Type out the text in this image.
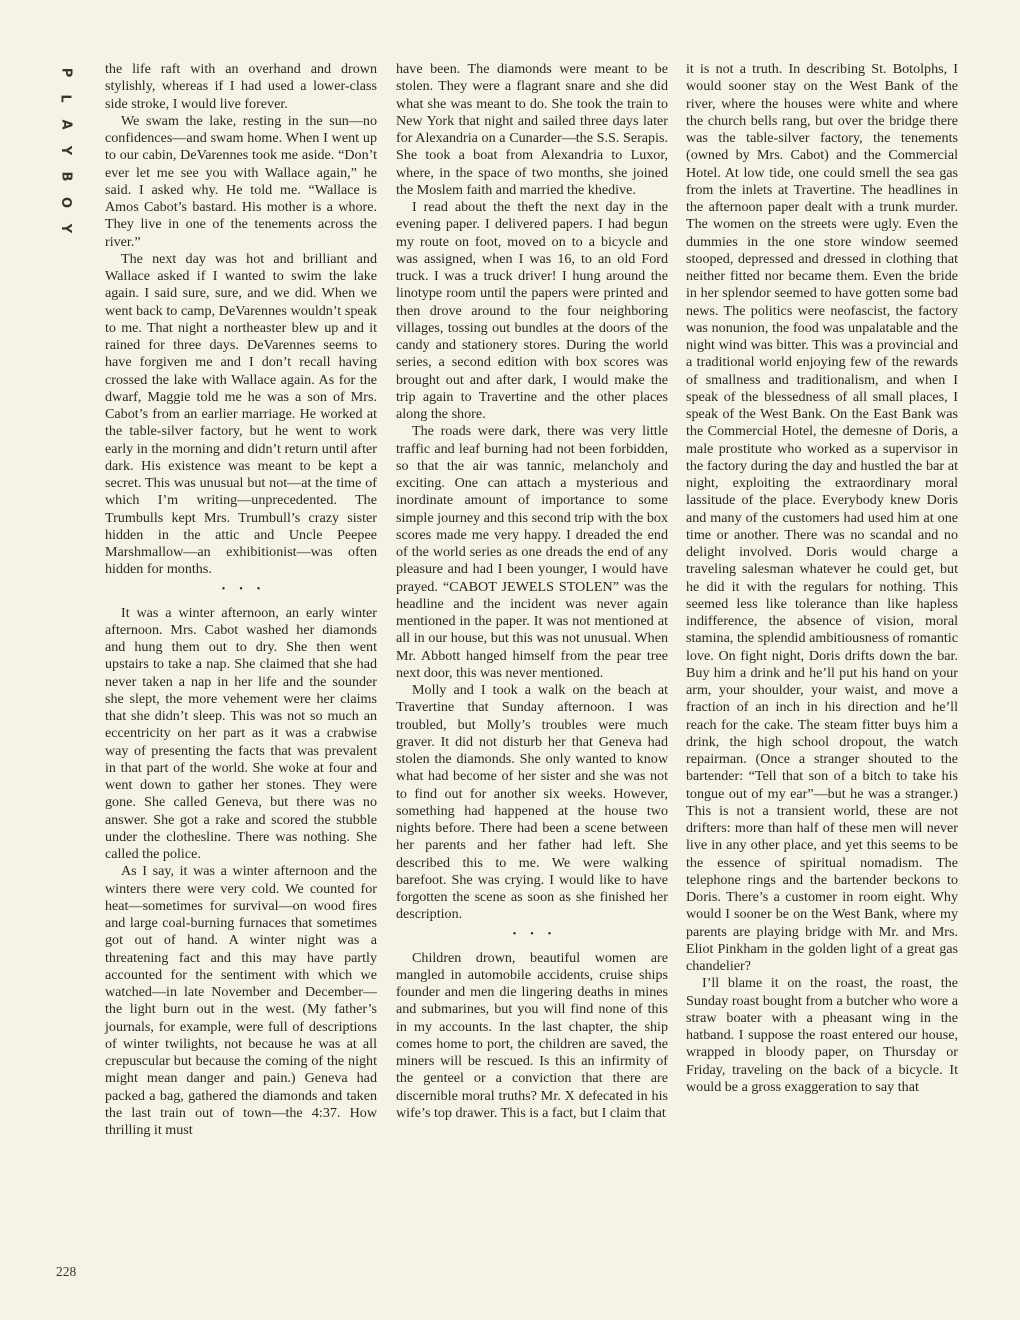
P
L
A
Y
B
O
Y

the life raft with an overhand and drown stylishly, whereas if I had used a lower-class side stroke, I would live forever.

We swam the lake, resting in the sun—no confidences—and swam home. When I went up to our cabin, DeVarennes took me aside. “Don’t ever let me see you with Wallace again,” he said. I asked why. He told me. “Wallace is Amos Cabot’s bastard. His mother is a whore. They live in one of the tenements across the river.”

The next day was hot and brilliant and Wallace asked if I wanted to swim the lake again. I said sure, sure, and we did. When we went back to camp, DeVarennes wouldn’t speak to me. That night a northeaster blew up and it rained for three days. DeVarennes seems to have forgiven me and I don’t recall having crossed the lake with Wallace again. As for the dwarf, Maggie told me he was a son of Mrs. Cabot’s from an earlier marriage. He worked at the table-silver factory, but he went to work early in the morning and didn’t return until after dark. His existence was meant to be kept a secret. This was unusual but not—at the time of which I’m writing—unprecedented. The Trumbulls kept Mrs. Trumbull’s crazy sister hidden in the attic and Uncle Peepee Marshmallow—an exhibitionist—was often hidden for months.

•••

It was a winter afternoon, an early winter afternoon. Mrs. Cabot washed her diamonds and hung them out to dry. She then went upstairs to take a nap. She claimed that she had never taken a nap in her life and the sounder she slept, the more vehement were her claims that she didn’t sleep. This was not so much an eccentricity on her part as it was a crabwise way of presenting the facts that was prevalent in that part of the world. She woke at four and went down to gather her stones. They were gone. She called Geneva, but there was no answer. She got a rake and scored the stubble under the clothesline. There was nothing. She called the police.

As I say, it was a winter afternoon and the winters there were very cold. We counted for heat—sometimes for survival—on wood fires and large coal-burning furnaces that sometimes got out of hand. A winter night was a threatening fact and this may have partly accounted for the sentiment with which we watched—in late November and December—the light burn out in the west. (My father’s journals, for example, were full of descriptions of winter twilights, not because he was at all crepuscular but because the coming of the night might mean danger and pain.) Geneva had packed a bag, gathered the diamonds and taken the last train out of town—the 4:37. How thrilling it must

have been. The diamonds were meant to be stolen. They were a flagrant snare and she did what she was meant to do. She took the train to New York that night and sailed three days later for Alexandria on a Cunarder—the S.S. Serapis. She took a boat from Alexandria to Luxor, where, in the space of two months, she joined the Moslem faith and married the khedive.

I read about the theft the next day in the evening paper. I delivered papers. I had begun my route on foot, moved on to a bicycle and was assigned, when I was 16, to an old Ford truck. I was a truck driver! I hung around the linotype room until the papers were printed and then drove around to the four neighboring villages, tossing out bundles at the doors of the candy and stationery stores. During the world series, a second edition with box scores was brought out and after dark, I would make the trip again to Travertine and the other places along the shore.

The roads were dark, there was very little traffic and leaf burning had not been forbidden, so that the air was tannic, melancholy and exciting. One can attach a mysterious and inordinate amount of importance to some simple journey and this second trip with the box scores made me very happy. I dreaded the end of the world series as one dreads the end of any pleasure and had I been younger, I would have prayed. “CABOT JEWELS STOLEN” was the headline and the incident was never again mentioned in the paper. It was not mentioned at all in our house, but this was not unusual. When Mr. Abbott hanged himself from the pear tree next door, this was never mentioned.

Molly and I took a walk on the beach at Travertine that Sunday afternoon. I was troubled, but Molly’s troubles were much graver. It did not disturb her that Geneva had stolen the diamonds. She only wanted to know what had become of her sister and she was not to find out for another six weeks. However, something had happened at the house two nights before. There had been a scene between her parents and her father had left. She described this to me. We were walking barefoot. She was crying. I would like to have forgotten the scene as soon as she finished her description.

•••

Children drown, beautiful women are mangled in automobile accidents, cruise ships founder and men die lingering deaths in mines and submarines, but you will find none of this in my accounts. In the last chapter, the ship comes home to port, the children are saved, the miners will be rescued. Is this an infirmity of the genteel or a conviction that there are discernible moral truths? Mr. X defecated in his wife’s top drawer. This is a fact, but I claim that

it is not a truth. In describing St. Botolphs, I would sooner stay on the West Bank of the river, where the houses were white and where the church bells rang, but over the bridge there was the table-silver factory, the tenements (owned by Mrs. Cabot) and the Commercial Hotel. At low tide, one could smell the sea gas from the inlets at Travertine. The headlines in the afternoon paper dealt with a trunk murder. The women on the streets were ugly. Even the dummies in the one store window seemed stooped, depressed and dressed in clothing that neither fitted nor became them. Even the bride in her splendor seemed to have gotten some bad news. The politics were neofascist, the factory was nonunion, the food was unpalatable and the night wind was bitter. This was a provincial and a traditional world enjoying few of the rewards of smallness and traditionalism, and when I speak of the blessedness of all small places, I speak of the West Bank. On the East Bank was the Commercial Hotel, the demesne of Doris, a male prostitute who worked as a supervisor in the factory during the day and hustled the bar at night, exploiting the extraordinary moral lassitude of the place. Everybody knew Doris and many of the customers had used him at one time or another. There was no scandal and no delight involved. Doris would charge a traveling salesman whatever he could get, but he did it with the regulars for nothing. This seemed less like tolerance than like hapless indifference, the absence of vision, moral stamina, the splendid ambitiousness of romantic love. On fight night, Doris drifts down the bar. Buy him a drink and he’ll put his hand on your arm, your shoulder, your waist, and move a fraction of an inch in his direction and he’ll reach for the cake. The steam fitter buys him a drink, the high school dropout, the watch repairman. (Once a stranger shouted to the bartender: “Tell that son of a bitch to take his tongue out of my ear”—but he was a stranger.) This is not a transient world, these are not drifters: more than half of these men will never live in any other place, and yet this seems to be the essence of spiritual nomadism. The telephone rings and the bartender beckons to Doris. There’s a customer in room eight. Why would I sooner be on the West Bank, where my parents are playing bridge with Mr. and Mrs. Eliot Pinkham in the golden light of a great gas chandelier?

I’ll blame it on the roast, the roast, the Sunday roast bought from a butcher who wore a straw boater with a pheasant wing in the hatband. I suppose the roast entered our house, wrapped in bloody paper, on Thursday or Friday, traveling on the back of a bicycle. It would be a gross exaggeration to say that

228
